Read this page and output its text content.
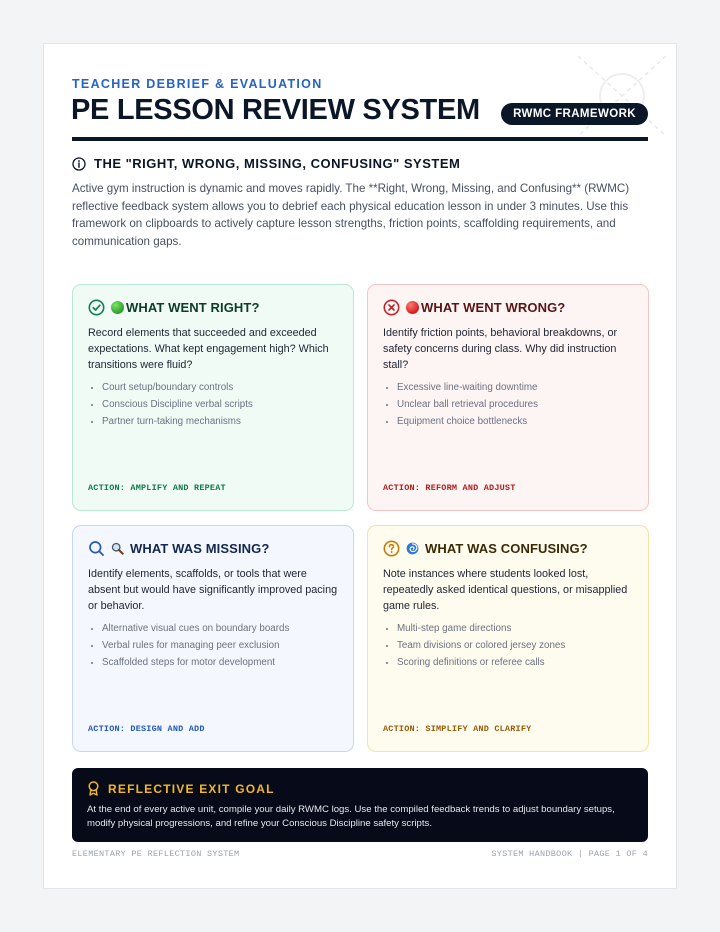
TEACHER DEBRIEF & EVALUATION
PE LESSON REVIEW SYSTEM	RWMC FRAMEWORK
THE "RIGHT, WRONG, MISSING, CONFUSING" SYSTEM
Active gym instruction is dynamic and moves rapidly. The **Right, Wrong, Missing, and Confusing** (RWMC) reflective feedback system allows you to debrief each physical education lesson in under 3 minutes. Use this framework on clipboards to actively capture lesson strengths, friction points, scaffolding requirements, and communication gaps.
WHAT WENT RIGHT?
Record elements that succeeded and exceeded expectations. What kept engagement high? Which transitions were fluid?
• Court setup/boundary controls
• Conscious Discipline verbal scripts
• Partner turn-taking mechanisms
ACTION: AMPLIFY AND REPEAT
WHAT WENT WRONG?
Identify friction points, behavioral breakdowns, or safety concerns during class. Why did instruction stall?
• Excessive line-waiting downtime
• Unclear ball retrieval procedures
• Equipment choice bottlenecks
ACTION: REFORM AND ADJUST
WHAT WAS MISSING?
Identify elements, scaffolds, or tools that were absent but would have significantly improved pacing or behavior.
• Alternative visual cues on boundary boards
• Verbal rules for managing peer exclusion
• Scaffolded steps for motor development
ACTION: DESIGN AND ADD
WHAT WAS CONFUSING?
Note instances where students looked lost, repeatedly asked identical questions, or misapplied game rules.
• Multi-step game directions
• Team divisions or colored jersey zones
• Scoring definitions or referee calls
ACTION: SIMPLIFY AND CLARIFY
REFLECTIVE EXIT GOAL
At the end of every active unit, compile your daily RWMC logs. Use the compiled feedback trends to adjust boundary setups, modify physical progressions, and refine your Conscious Discipline safety scripts.
ELEMENTARY PE REFLECTION SYSTEM	SYSTEM HANDBOOK | PAGE 1 OF 4
